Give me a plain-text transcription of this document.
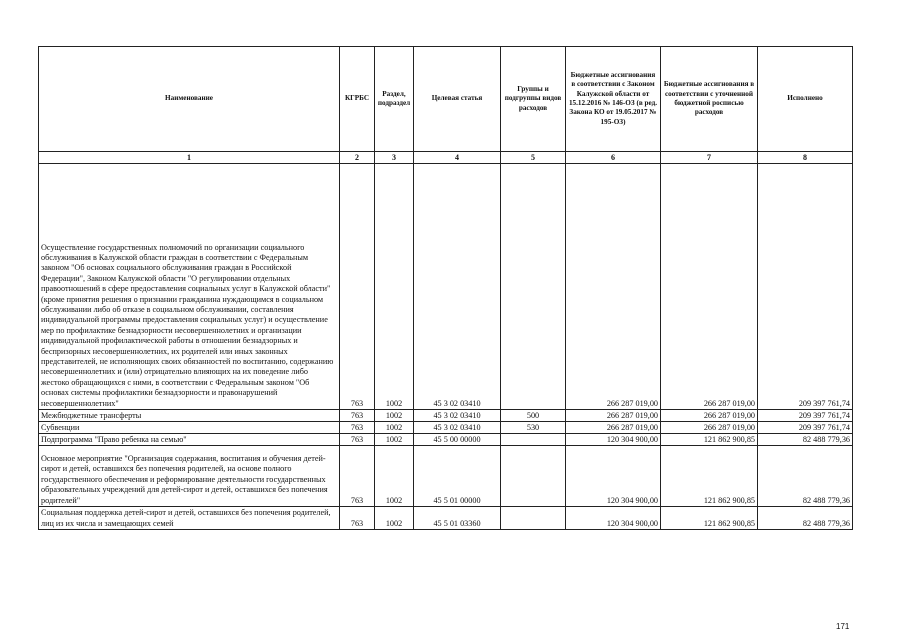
Наименование	КГРБС	Раздел, подраздел	Целевая статья	Группы и подгруппы видов расходов	Бюджетные ассигнования в соответствии с Законом Калужской области от 15.12.2016 № 146-ОЗ (в ред. Закона КО от 19.05.2017 № 195-ОЗ)	Бюджетные ассигнования в соответствии с уточненной бюджетной росписью расходов	Исполнено
1	2	3	4	5	6	7	8
Осуществление государственных полномочий по организации социального обслуживания в Калужской области граждан в соответствии с Федеральным законом "Об основах социального обслуживания граждан в Российской Федерации", Законом Калужской области "О регулировании отдельных правоотношений в сфере предоставления социальных услуг в Калужской области" (кроме принятия решения о признании гражданина нуждающимся в социальном обслуживании либо об отказе в социальном обслуживании, составления индивидуальной программы предоставления социальных услуг) и осуществление мер по профилактике безнадзорности несовершеннолетних и организации индивидуальной профилактической работы в отношении безнадзорных и беспризорных несовершеннолетних, их родителей или иных законных представителей, не исполняющих своих обязанностей по воспитанию, содержанию несовершеннолетних и (или) отрицательно влияющих на их поведение либо жестоко обращающихся с ними, в соответствии с Федеральным законом "Об основах системы профилактики безнадзорности и правонарушений несовершеннолетних"	763	1002	45 3 02 03410		266 287 019,00	266 287 019,00	209 397 761,74
Межбюджетные трансферты	763	1002	45 3 02 03410	500	266 287 019,00	266 287 019,00	209 397 761,74
Субвенции	763	1002	45 3 02 03410	530	266 287 019,00	266 287 019,00	209 397 761,74
Подпрограмма "Право ребенка на семью"	763	1002	45 5 00 00000		120 304 900,00	121 862 900,85	82 488 779,36
Основное мероприятие "Организация содержания, воспитания и обучения детей-сирот и детей, оставшихся без попечения родителей, на основе полного государственного обеспечения и реформирование деятельности государственных образовательных учреждений для детей-сирот и детей, оставшихся без попечения родителей"	763	1002	45 5 01 00000		120 304 900,00	121 862 900,85	82 488 779,36
Социальная поддержка детей-сирот и детей, оставшихся без попечения родителей, лиц из их числа и замещающих семей	763	1002	45 5 01 03360		120 304 900,00	121 862 900,85	82 488 779,36
171
